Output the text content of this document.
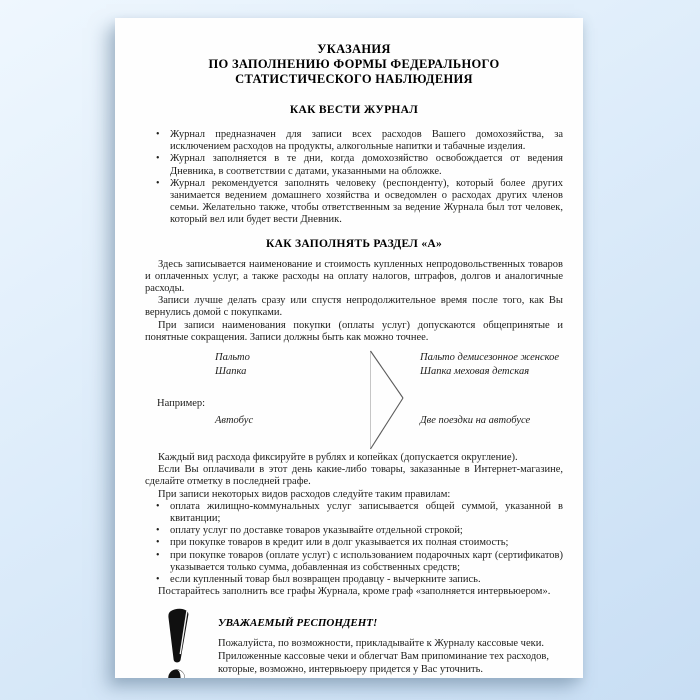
УКАЗАНИЯ
ПО ЗАПОЛНЕНИЮ ФОРМЫ ФЕДЕРАЛЬНОГО
СТАТИСТИЧЕСКОГО НАБЛЮДЕНИЯ
КАК ВЕСТИ ЖУРНАЛ
• Журнал предназначен для записи всех расходов Вашего домохозяйства, за исключением расходов на продукты, алкогольные напитки и табачные изделия.
• Журнал заполняется в те дни, когда домохозяйство освобождается от ведения Дневника, в соответствии с датами, указанными на обложке.
• Журнал рекомендуется заполнять человеку (респонденту), который более других занимается ведением домашнего хозяйства и осведомлен о расходах других членов семьи. Желательно также, чтобы ответственным за ведение Журнала был тот человек, который вел или будет вести Дневник.
КАК ЗАПОЛНЯТЬ РАЗДЕЛ «А»

Здесь записывается наименование и стоимость купленных непродовольственных товаров и оплаченных услуг, а также расходы на оплату налогов, штрафов, долгов и аналогичные расходы.

Записи лучше делать сразу или спустя непродолжительное время после того, как Вы вернулись домой с покупками.

При записи наименования покупки (оплаты услуг) допускаются общепринятые и понятные сокращения. Записи должны быть как можно точнее.

Например:
Пальто
Шапка
Автобус
Пальто демисезонное женское
Шапка меховая детская
Две поездки на автобусе

Каждый вид расхода фиксируйте в рублях и копейках (допускается округление).

Если Вы оплачивали в этот день какие-либо товары, заказанные в Интернет-магазине, сделайте отметку в последней графе.

При записи некоторых видов расходов следуйте таким правилам:

• оплата жилищно-коммунальных услуг записывается общей суммой, указанной в квитанции;
• оплату услуг по доставке товаров указывайте отдельной строкой;
• при покупке товаров в кредит или в долг указывается их полная стоимость;
• при покупке товаров (оплате услуг) с использованием подарочных карт (сертификатов) указывается только сумма, добавленная из собственных средств;
• если купленный товар был возвращен продавцу - вычеркните запись.

Постарайтесь заполнить все графы Журнала, кроме граф «заполняется интервьюером».

УВАЖАЕМЫЙ РЕСПОНДЕНТ!
Пожалуйста, по возможности, прикладывайте к Журналу кассовые чеки.
Приложенные кассовые чеки и облегчат Вам припоминание тех расходов, которые, возможно, интервьюеру придется у Вас уточнить.
